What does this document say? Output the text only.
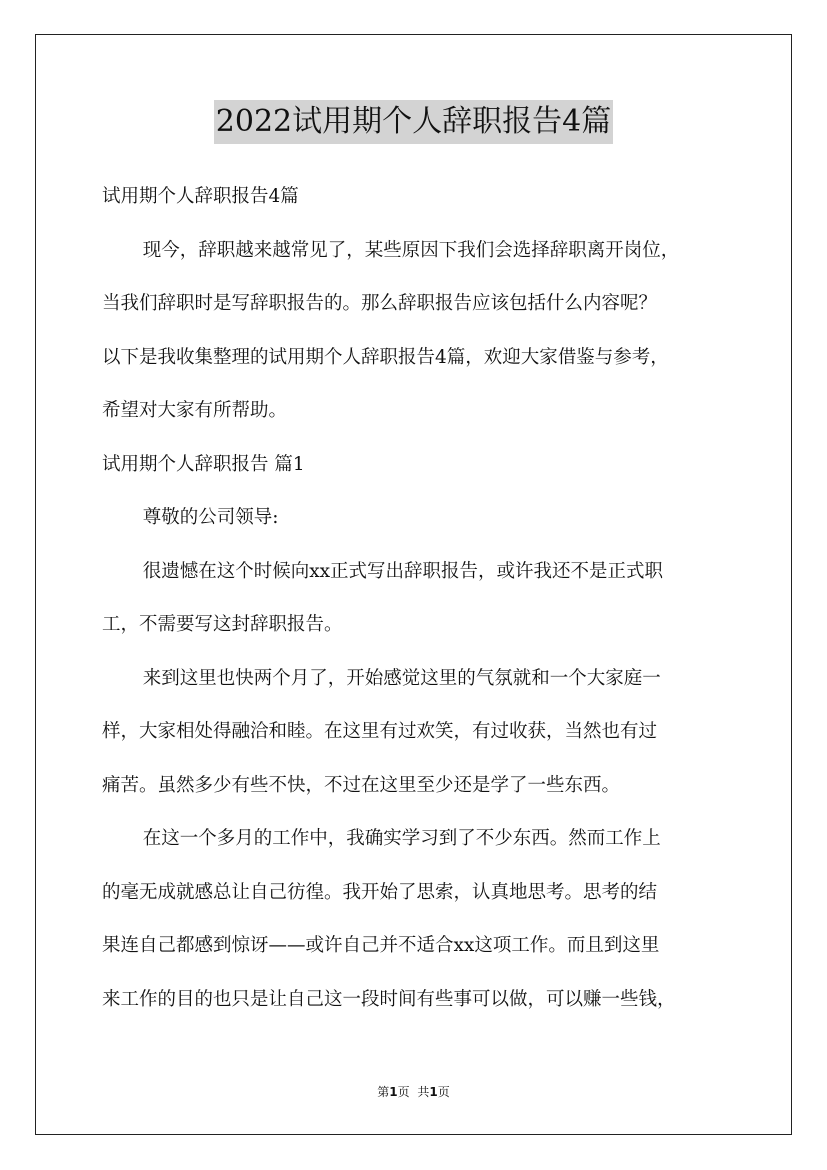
2022试用期个人辞职报告4篇

试用期个人辞职报告4篇

现今，辞职越来越常见了，某些原因下我们会选择辞职离开岗位，

当我们辞职时是写辞职报告的。那么辞职报告应该包括什么内容呢？

以下是我收集整理的试用期个人辞职报告4篇，欢迎大家借鉴与参考，

希望对大家有所帮助。

试用期个人辞职报告 篇1

尊敬的公司领导:

很遗憾在这个时候向xx正式写出辞职报告，或许我还不是正式职

工，不需要写这封辞职报告。

来到这里也快两个月了，开始感觉这里的气氛就和一个大家庭一

样，大家相处得融洽和睦。在这里有过欢笑，有过收获，当然也有过

痛苦。虽然多少有些不快，不过在这里至少还是学了一些东西。

在这一个多月的工作中，我确实学习到了不少东西。然而工作上

的毫无成就感总让自己彷徨。我开始了思索，认真地思考。思考的结

果连自己都感到惊讶——或许自己并不适合xx这项工作。而且到这里

来工作的目的也只是让自己这一段时间有些事可以做，可以赚一些钱，

第1页 共1页
